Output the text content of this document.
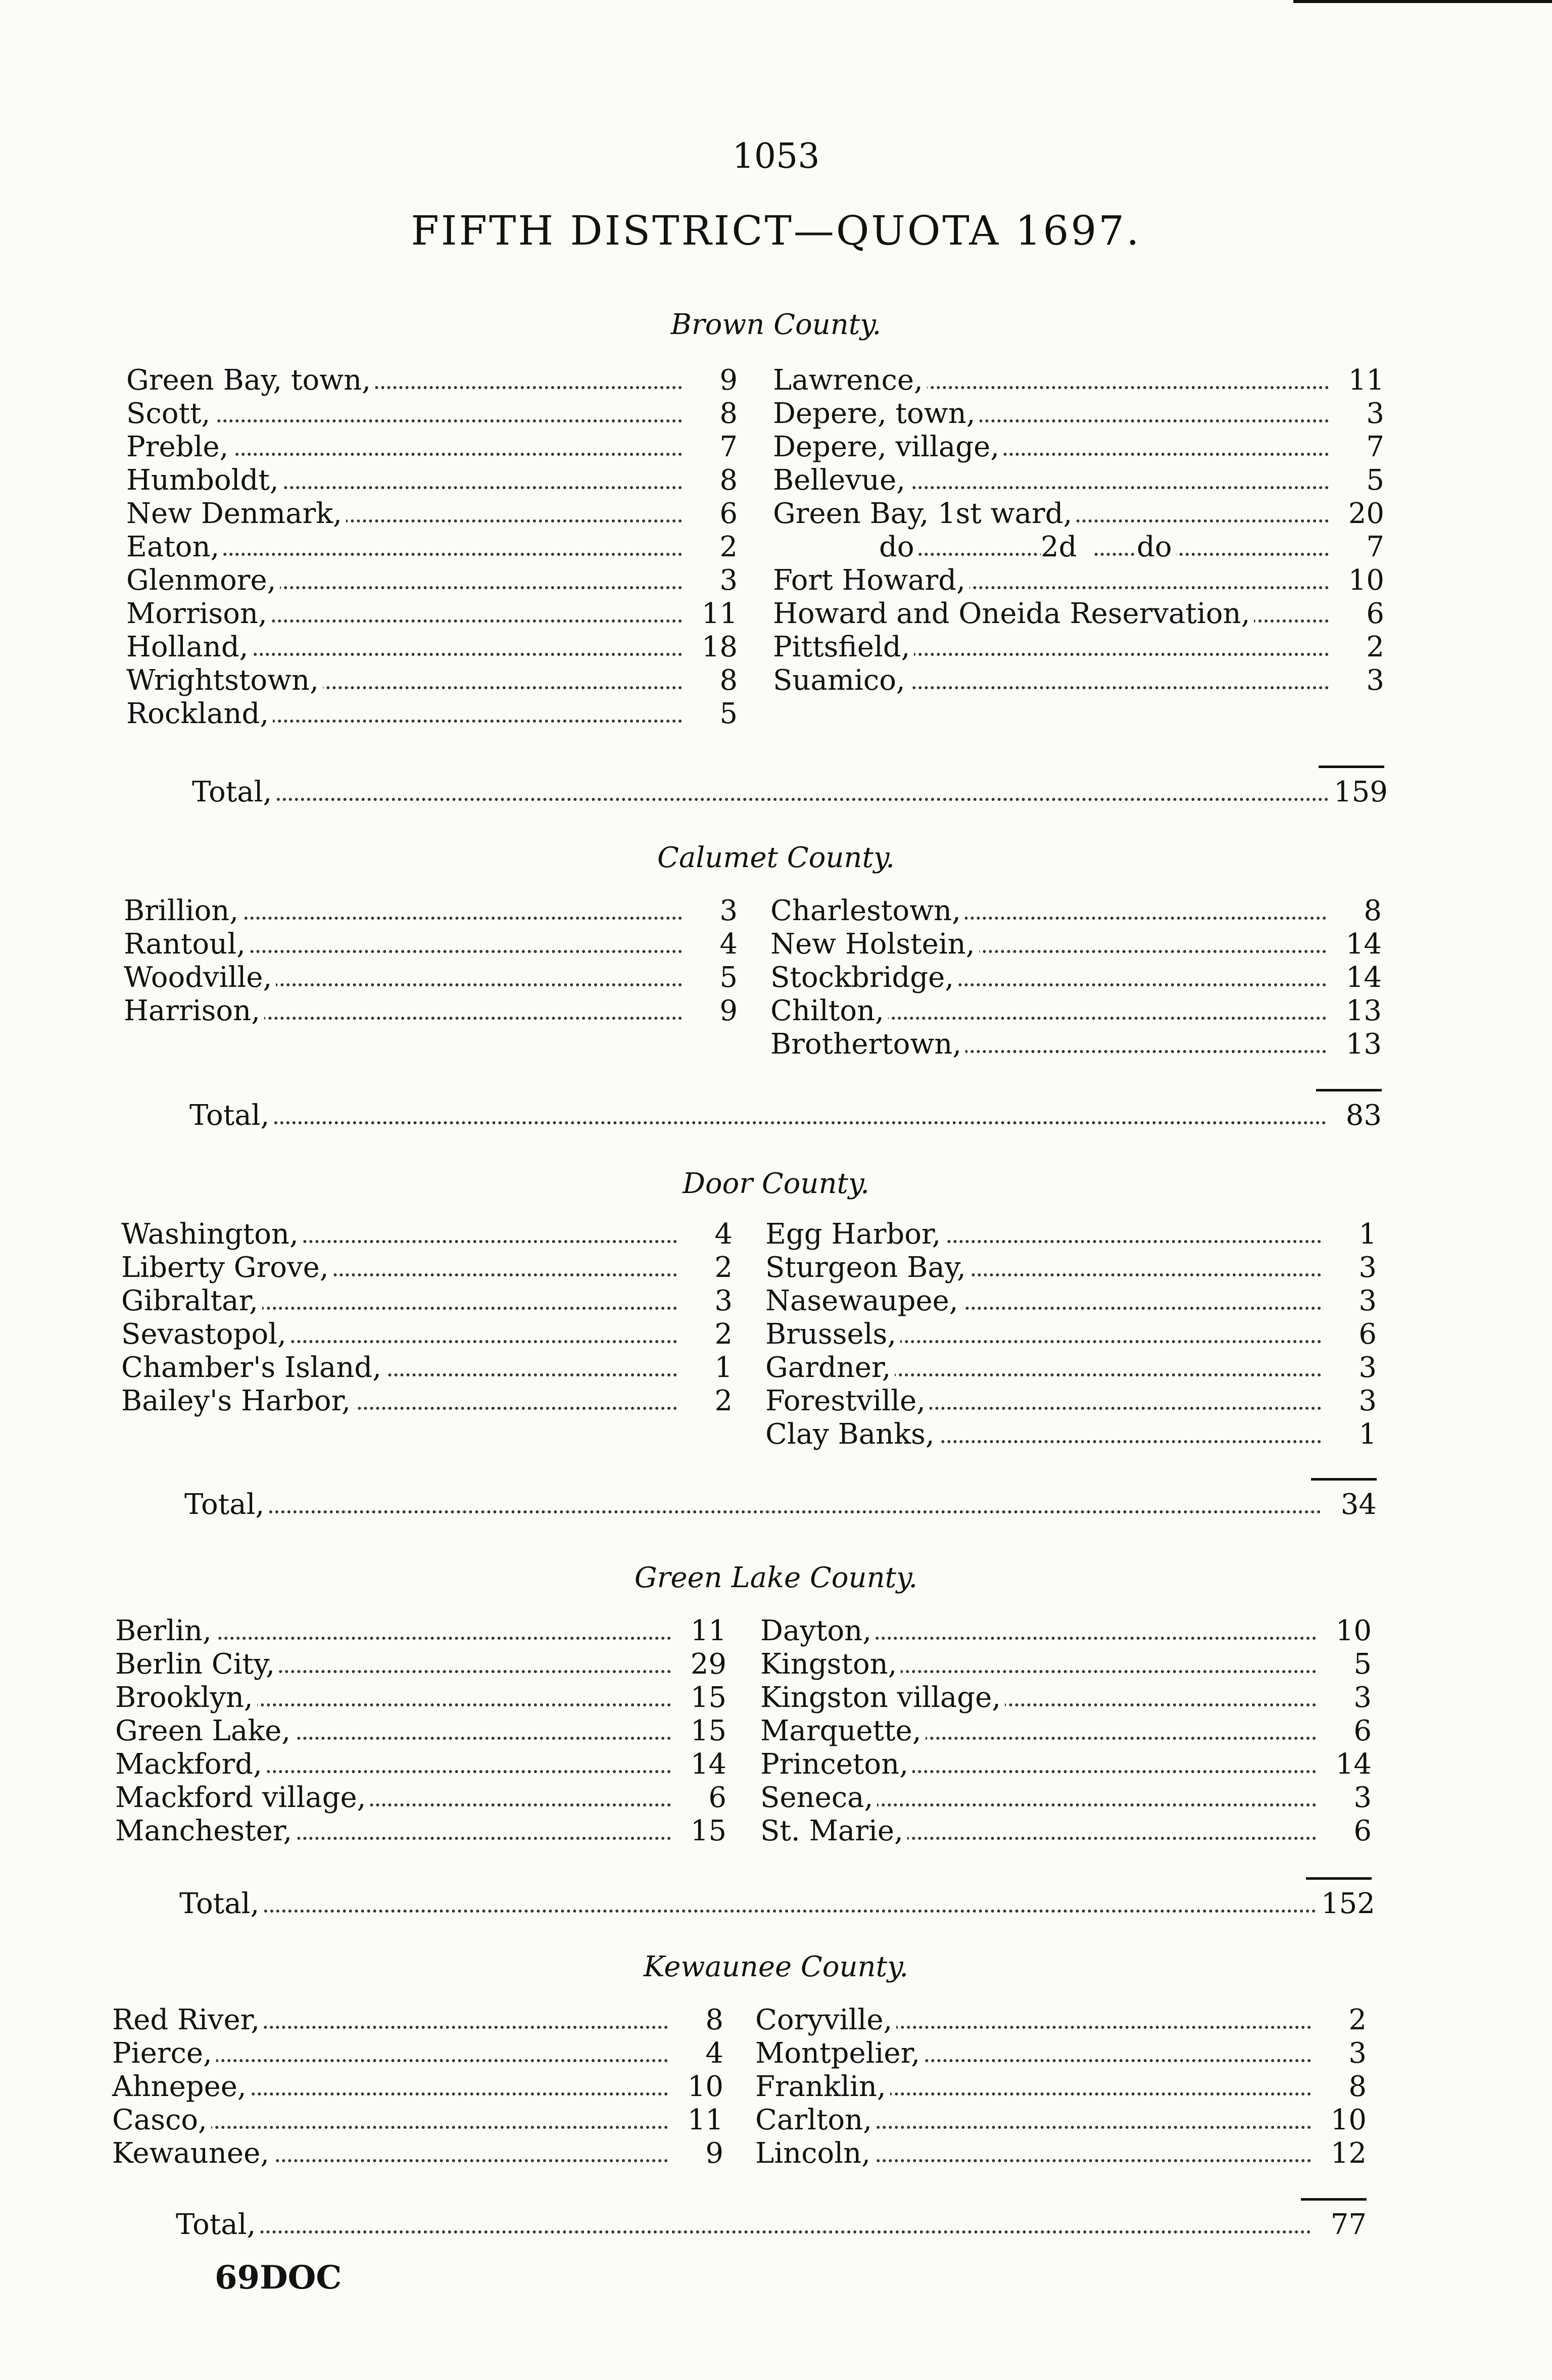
1053
FIFTH DISTRICT—QUOTA 1697.
Brown County.
Green Bay, town,	9
Scott,	8
Preble,	7
Humboldt,	8
New Denmark,	6
Eaton,	2
Glenmore,	3
Morrison,	11
Holland,	18
Wrightstown,	8
Rockland,	5
Lawrence,	11
Depere, town,	3
Depere, village,	7
Bellevue,	5
Green Bay, 1st ward,	20
do	2d	do	7
Fort Howard,	10
Howard and Oneida Reservation,	6
Pittsfield,	2
Suamico,	3
Total,	159
Calumet County.
Brillion,	3
Rantoul,	4
Woodville,	5
Harrison,	9
Charlestown,	8
New Holstein,	14
Stockbridge,	14
Chilton,	13
Brothertown,	13
Total,	83
Door County.
Washington,	4
Liberty Grove,	2
Gibraltar,	3
Sevastopol,	2
Chamber's Island,	1
Bailey's Harbor,	2
Egg Harbor,	1
Sturgeon Bay,	3
Nasewaupee,	3
Brussels,	6
Gardner,	3
Forestville,	3
Clay Banks,	1
Total,	34
Green Lake County.
Berlin,	11
Berlin City,	29
Brooklyn,	15
Green Lake,	15
Mackford,	14
Mackford village,	6
Manchester,	15
Dayton,	10
Kingston,	5
Kingston village,	3
Marquette,	6
Princeton,	14
Seneca,	3
St. Marie,	6
Total,	152
Kewaunee County.
Red River,	8
Pierce,	4
Ahnepee,	10
Casco,	11
Kewaunee,	9
Coryville,	2
Montpelier,	3
Franklin,	8
Carlton,	10
Lincoln,	12
Total,	77
69DOC
